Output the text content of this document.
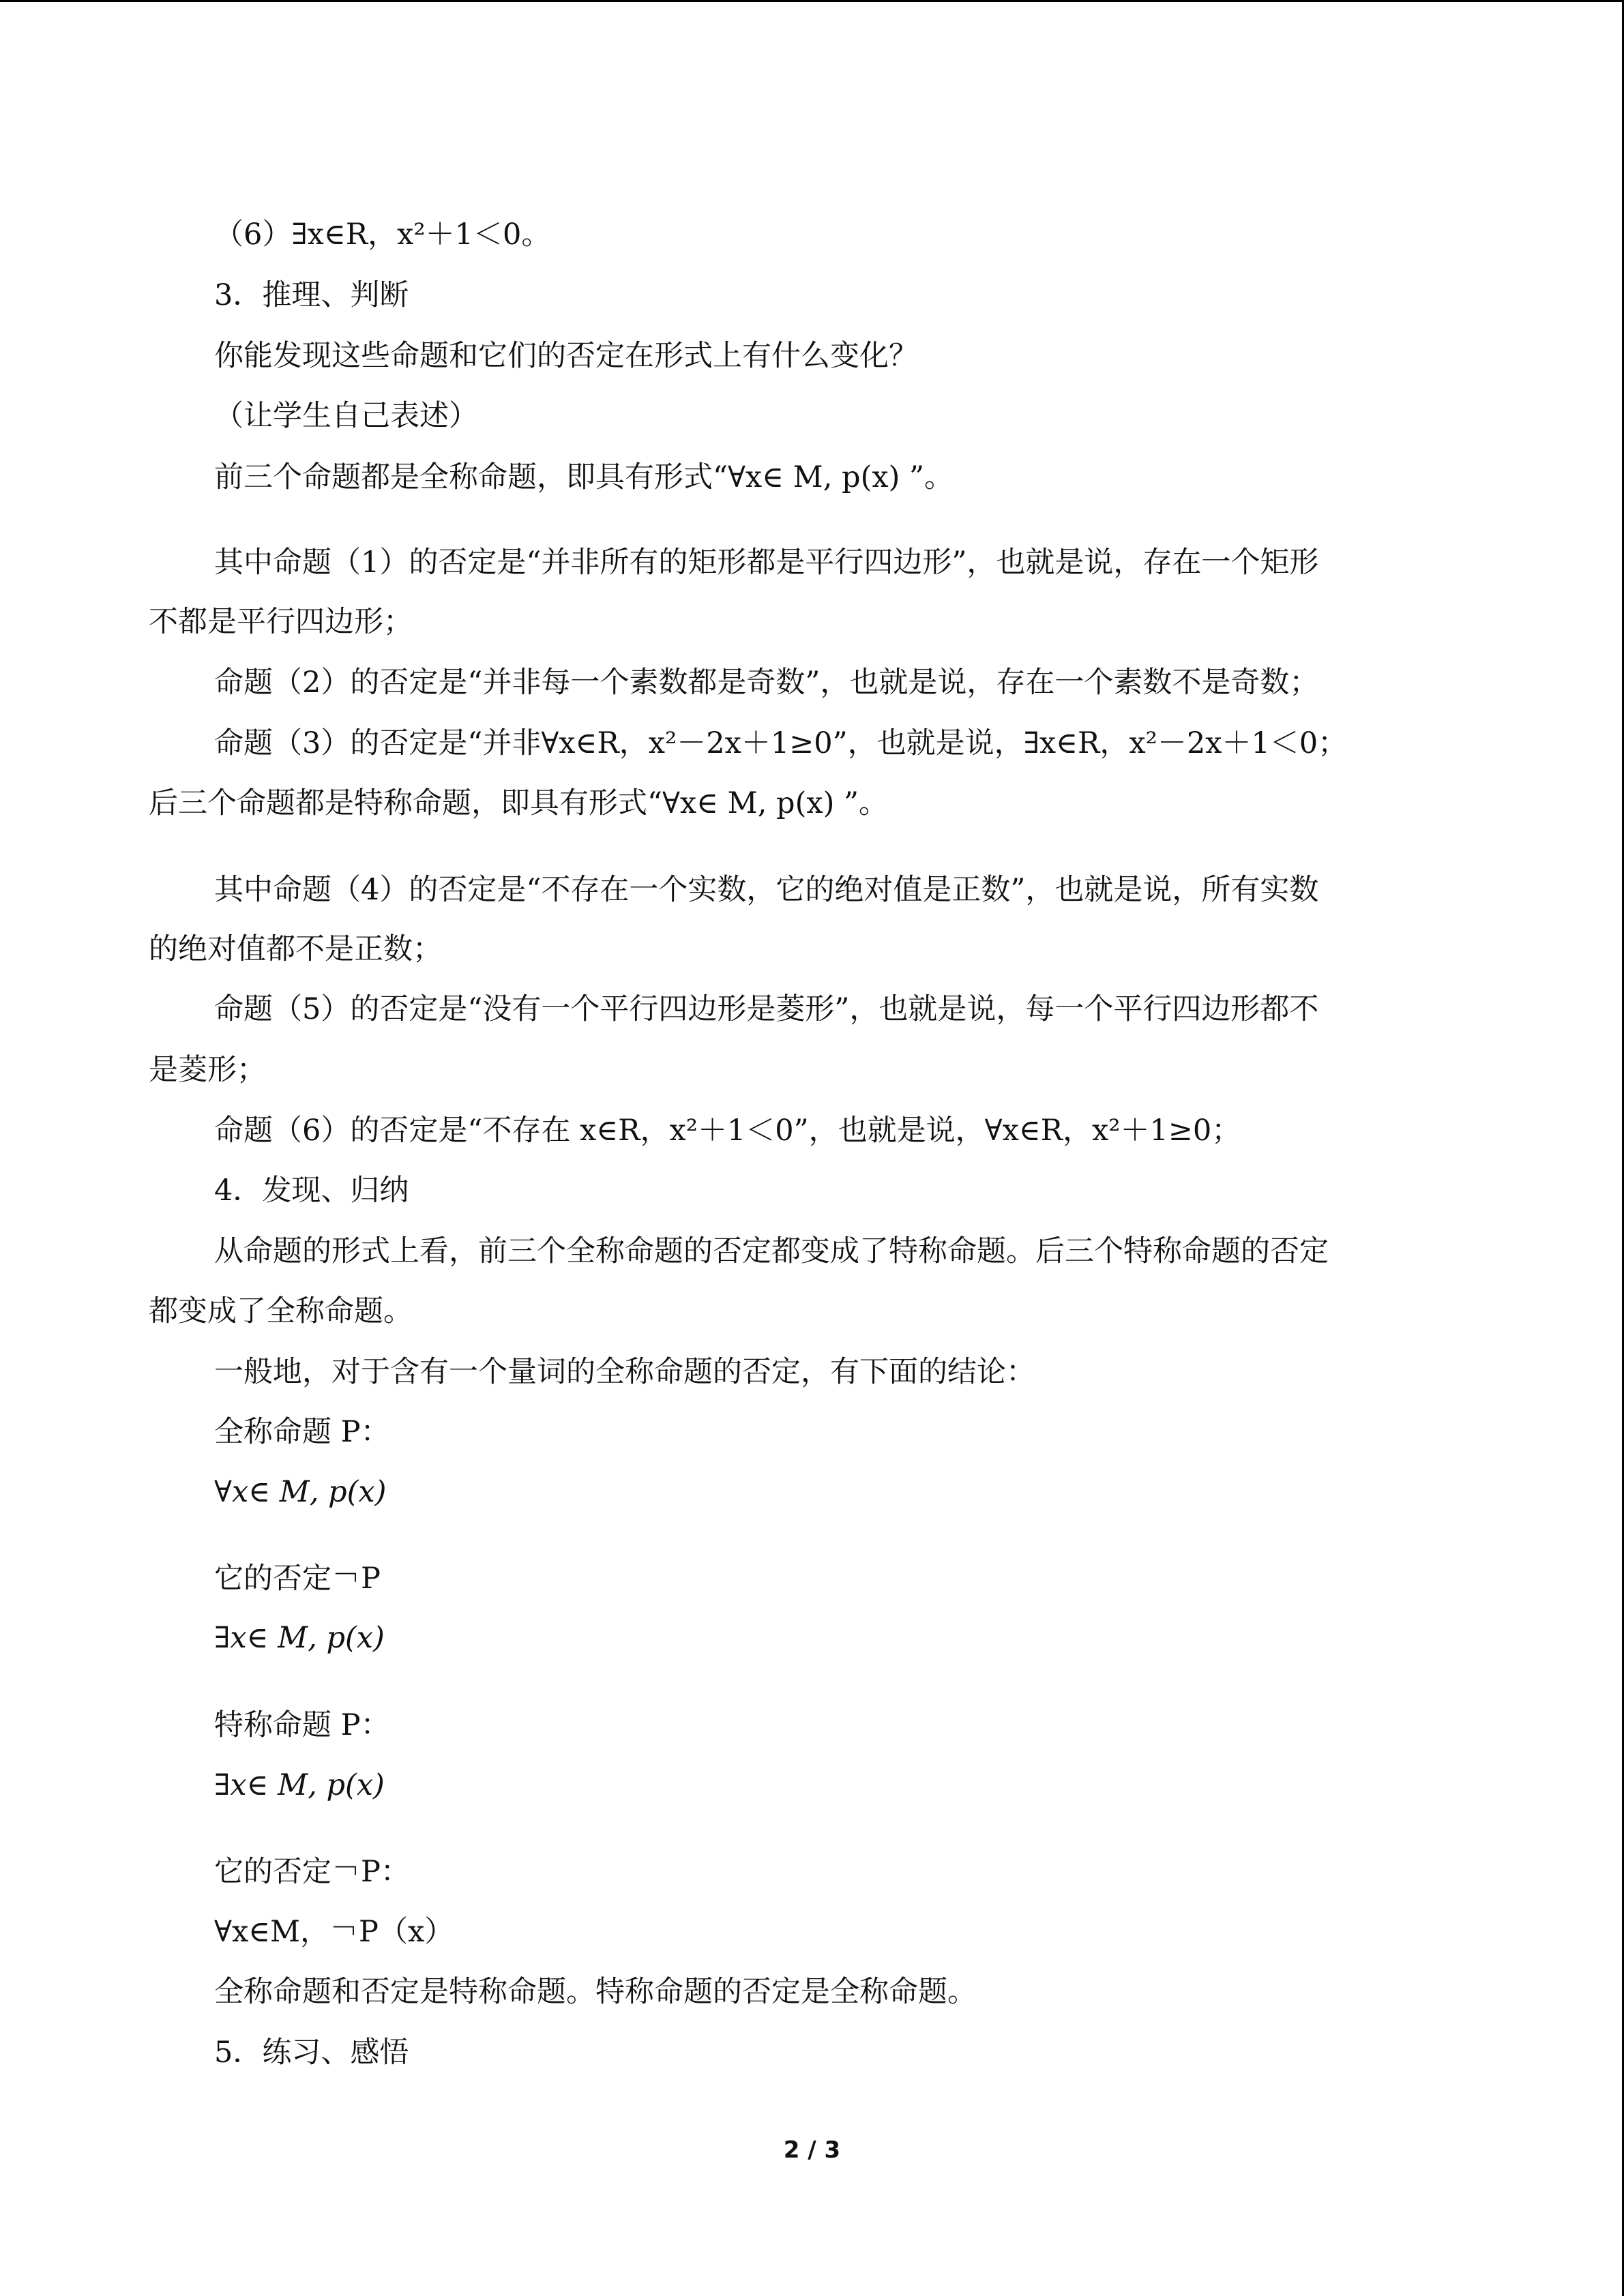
（6）∃x∈R，x²＋1＜0。
3．推理、判断
你能发现这些命题和它们的否定在形式上有什么变化？
（让学生自己表述）
前三个命题都是全称命题，即具有形式“∀x∈ M, p(x) ”。
其中命题（1）的否定是“并非所有的矩形都是平行四边形”，也就是说，存在一个矩形
不都是平行四边形；
命题（2）的否定是“并非每一个素数都是奇数”，也就是说，存在一个素数不是奇数；
命题（3）的否定是“并非∀x∈R，x²－2x＋1≥0”，也就是说，∃x∈R，x²－2x＋1＜0；
后三个命题都是特称命题，即具有形式“∀x∈ M, p(x) ”。
其中命题（4）的否定是“不存在一个实数，它的绝对值是正数”，也就是说，所有实数
的绝对值都不是正数；
命题（5）的否定是“没有一个平行四边形是菱形”，也就是说，每一个平行四边形都不
是菱形；
命题（6）的否定是“不存在 x∈R，x²＋1＜0”，也就是说，∀x∈R，x²＋1≥0；
4．发现、归纳
从命题的形式上看，前三个全称命题的否定都变成了特称命题。后三个特称命题的否定
都变成了全称命题。
一般地，对于含有一个量词的全称命题的否定，有下面的结论：
全称命题 P：
∀x∈ M, p(x)
它的否定￢P
∃x∈ M, p(x)
特称命题 P：
∃x∈ M, p(x)
它的否定￢P：
∀x∈M，￢P（x）
全称命题和否定是特称命题。特称命题的否定是全称命题。
5．练习、感悟
2 / 3
